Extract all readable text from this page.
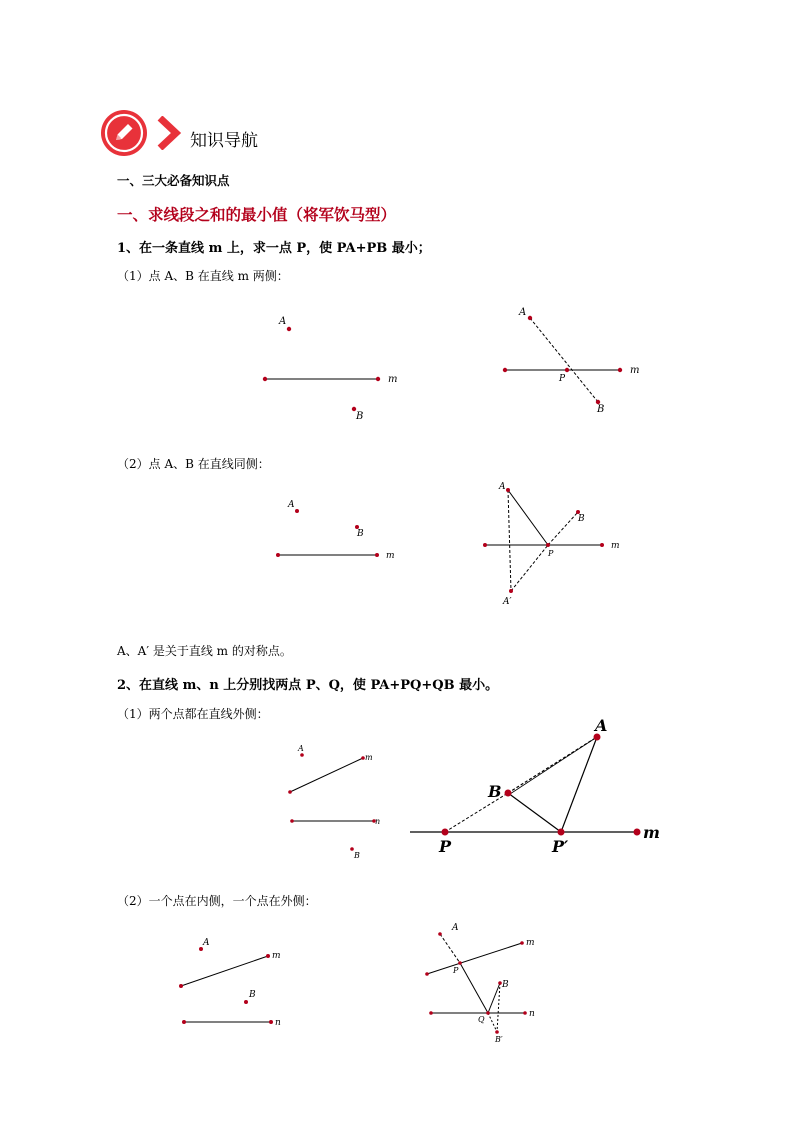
知识导航
一、三大必备知识点
一、求线段之和的最小值（将军饮马型）
1、在一条直线 m 上，求一点 P，使 PA+PB 最小；
（1）点 A、B 在直线 m 两侧：
A
m
B
A
P
m
B
（2）点 A、B 在直线同侧：
A
B
m
A
B
P
A′
m
A、A′ 是关于直线 m 的对称点。
2、在直线 m、n 上分别找两点 P、Q，使 PA+PQ+QB 最小。
（1）两个点都在直线外侧：
A
m
n
B
A
B
P	P′
m
（2）一个点在内侧，一个点在外侧：
A
B
m
n
A
m
P
B
Q
n
B′
